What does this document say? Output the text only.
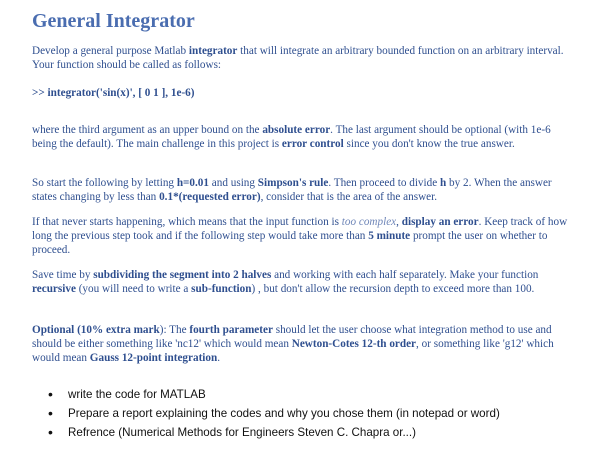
General Integrator

Develop a general purpose Matlab integrator that will integrate an arbitrary bounded function on an arbitrary interval. Your function should be called as follows:

>> integrator('sin(x)', [ 0 1 ], 1e-6)

where the third argument as an upper bound on the absolute error. The last argument should be optional (with 1e-6 being the default). The main challenge in this project is error control since you don't know the true answer.

So start the following by letting h=0.01 and using Simpson's rule. Then proceed to divide h by 2. When the answer states changing by less than 0.1*(requested error), consider that is the area of the answer.

If that never starts happening, which means that the input function is too complex, display an error. Keep track of how long the previous step took and if the following step would take more than 5 minute prompt the user on whether to proceed.

Save time by subdividing the segment into 2 halves and working with each half separately. Make your function recursive (you will need to write a sub-function) , but don't allow the recursion depth to exceed more than 100.

Optional (10% extra mark): The fourth parameter should let the user choose what integration method to use and should be either something like 'nc12' which would mean Newton-Cotes 12-th order, or something like 'g12' which would mean Gauss 12-point integration.

• write the code for MATLAB
• Prepare a report explaining the codes and why you chose them (in notepad or word)
• Refrence (Numerical Methods for Engineers Steven C. Chapra or...)
